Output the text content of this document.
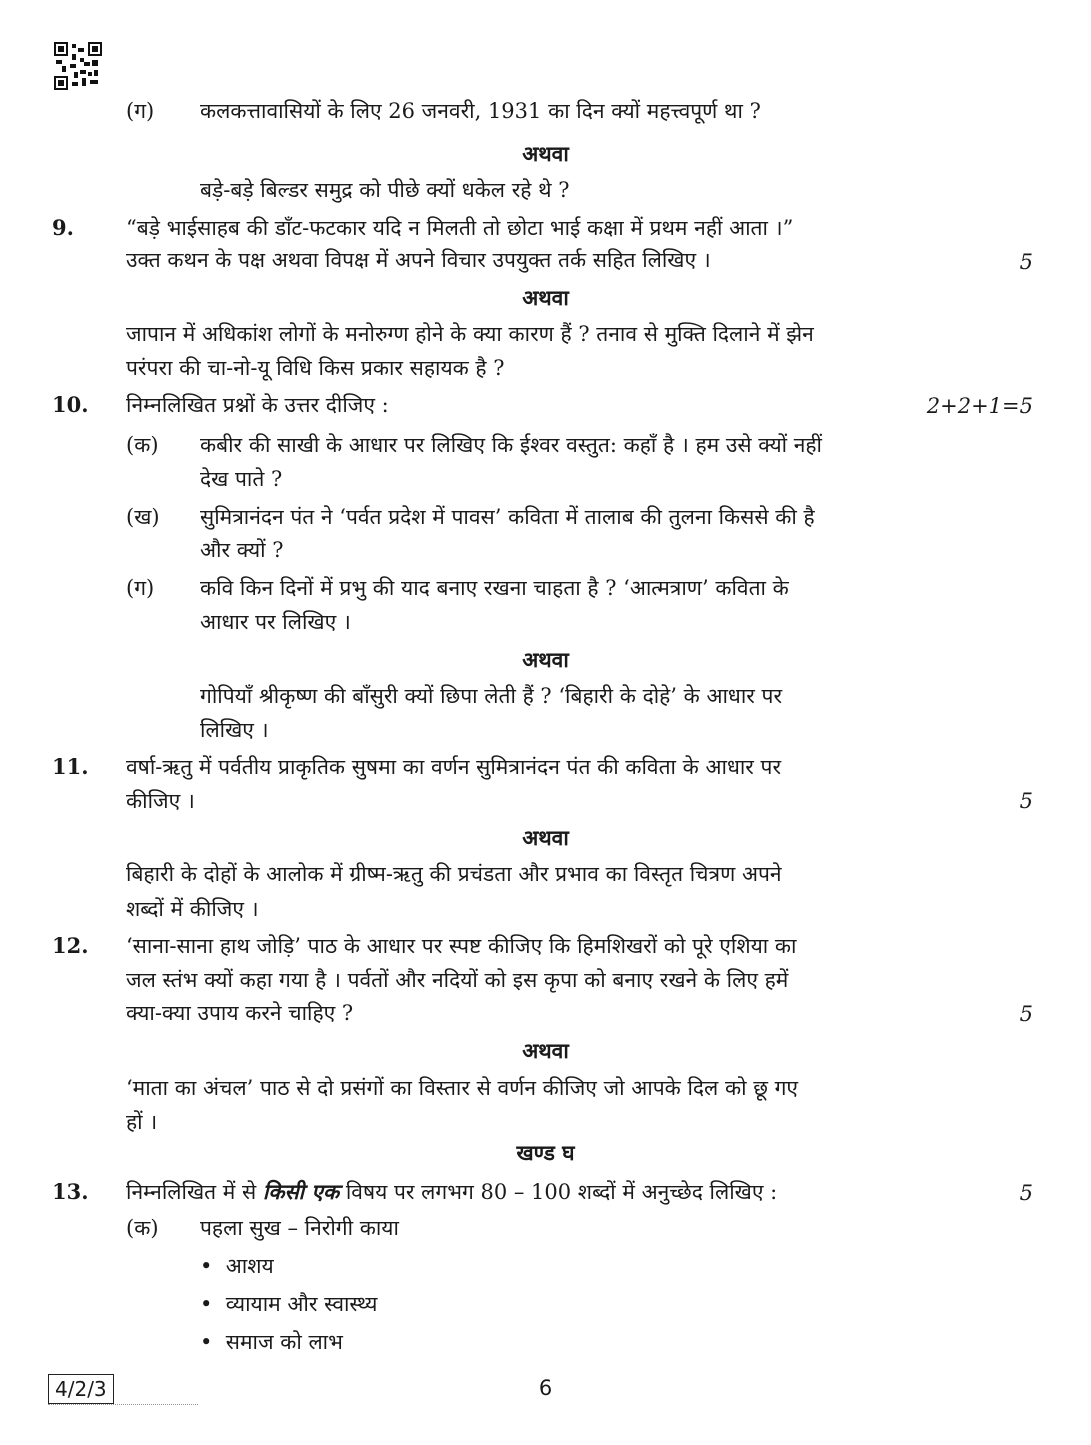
(ग) कलकत्तावासियों के लिए 26 जनवरी, 1931 का दिन क्यों महत्त्वपूर्ण था ?
अथवा
बड़े-बड़े बिल्डर समुद्र को पीछे क्यों धकेल रहे थे ?
9. “बड़े भाईसाहब की डाँट-फटकार यदि न मिलती तो छोटा भाई कक्षा में प्रथम नहीं आता ।”
उक्त कथन के पक्ष अथवा विपक्ष में अपने विचार उपयुक्त तर्क सहित लिखिए ।	5
अथवा
जापान में अधिकांश लोगों के मनोरुग्ण होने के क्या कारण हैं ? तनाव से मुक्ति दिलाने में झेन
परंपरा की चा-नो-यू विधि किस प्रकार सहायक है ?
10. निम्नलिखित प्रश्नों के उत्तर दीजिए :	2+2+1=5
(क) कबीर की साखी के आधार पर लिखिए कि ईश्वर वस्तुत: कहाँ है । हम उसे क्यों नहीं
देख पाते ?
(ख) सुमित्रानंदन पंत ने ‘पर्वत प्रदेश में पावस’ कविता में तालाब की तुलना किससे की है
और क्यों ?
(ग) कवि किन दिनों में प्रभु की याद बनाए रखना चाहता है ? ‘आत्मत्राण’ कविता के
आधार पर लिखिए ।
अथवा
गोपियाँ श्रीकृष्ण की बाँसुरी क्यों छिपा लेती हैं ? ‘बिहारी के दोहे’ के आधार पर
लिखिए ।
11. वर्षा-ऋतु में पर्वतीय प्राकृतिक सुषमा का वर्णन सुमित्रानंदन पंत की कविता के आधार पर
कीजिए ।	5
अथवा
बिहारी के दोहों के आलोक में ग्रीष्म-ऋतु की प्रचंडता और प्रभाव का विस्तृत चित्रण अपने
शब्दों में कीजिए ।
12. ‘साना-साना हाथ जोड़ि’ पाठ के आधार पर स्पष्ट कीजिए कि हिमशिखरों को पूरे एशिया का
जल स्तंभ क्यों कहा गया है । पर्वतों और नदियों को इस कृपा को बनाए रखने के लिए हमें
क्या-क्या उपाय करने चाहिए ?	5
अथवा
‘माता का अंचल’ पाठ से दो प्रसंगों का विस्तार से वर्णन कीजिए जो आपके दिल को छू गए
हों ।
खण्ड घ
13. निम्नलिखित में से किसी एक विषय पर लगभग 80 – 100 शब्दों में अनुच्छेद लिखिए :	5
(क) पहला सुख – निरोगी काया
•  आशय
•  व्यायाम और स्वास्थ्य
•  समाज को लाभ
4/2/3	6
